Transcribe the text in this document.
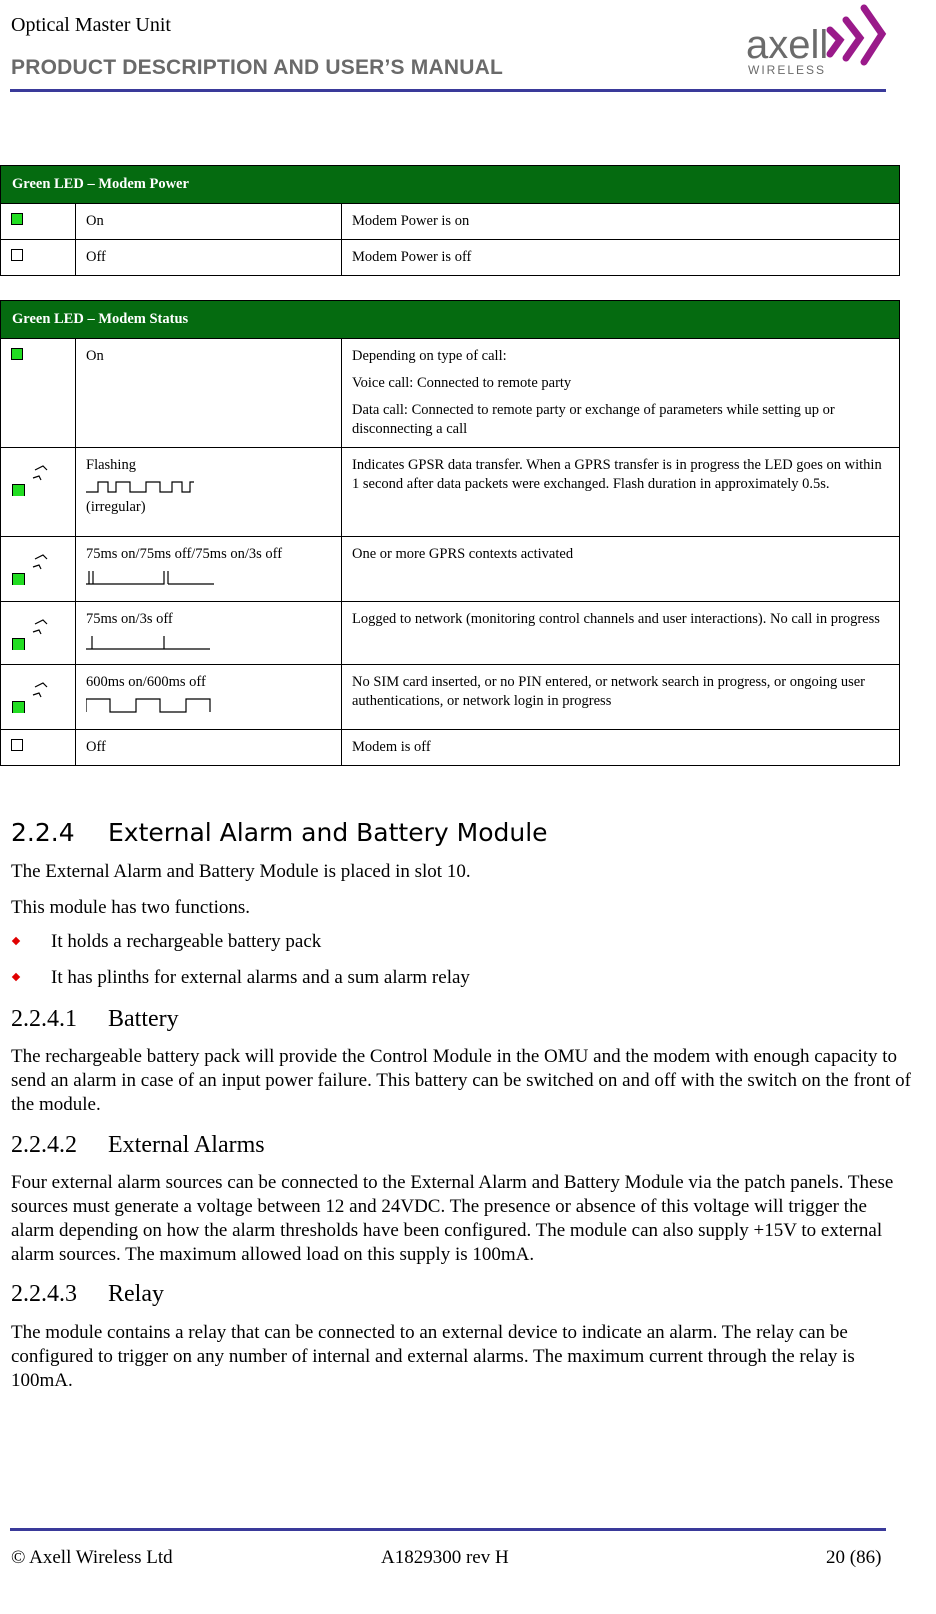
Optical Master Unit
PRODUCT DESCRIPTION AND USER’S MANUAL
axell
WIRELESS
Green LED – Modem Power		
	On	Modem Power is on
	Off	Modem Power is off
Green LED – Modem Status		
	On	Depending on type of call:
Voice call: Connected to remote party
Data call: Connected to remote party or exchange of parameters while setting up or disconnecting a call

Flashing
(irregular)	Indicates GPSR data transfer. When a GPRS transfer is in progress the LED goes on within 1 second after data packets were exchanged. Flash duration in approximately 0.5s.

75ms on/75ms off/75ms on/3s off	One or more GPRS contexts activated

75ms on/3s off	Logged to network (monitoring control channels and user interactions). No call in progress

600ms on/600ms off	No SIM card inserted, or no PIN entered, or network search in progress, or ongoing user authentications, or network login in progress
	Off	Modem is off
2.2.4 External Alarm and Battery Module
The External Alarm and Battery Module is placed in slot 10.
This module has two functions.
It holds a rechargeable battery pack
It has plinths for external alarms and a sum alarm relay
2.2.4.1 Battery
The rechargeable battery pack will provide the Control Module in the OMU and the modem with enough capacity to send an alarm in case of an input power failure. This battery can be switched on and off with the switch on the front of the module.
2.2.4.2 External Alarms
Four external alarm sources can be connected to the External Alarm and Battery Module via the patch panels. These sources must generate a voltage between 12 and 24VDC. The presence or absence of this voltage will trigger the alarm depending on how the alarm thresholds have been configured. The module can also supply +15V to external alarm sources. The maximum allowed load on this supply is 100mA.
2.2.4.3 Relay
The module contains a relay that can be connected to an external device to indicate an alarm. The relay can be configured to trigger on any number of internal and external alarms. The maximum current through the relay is 100mA.
© Axell Wireless Ltd	A1829300 rev H	20 (86)
